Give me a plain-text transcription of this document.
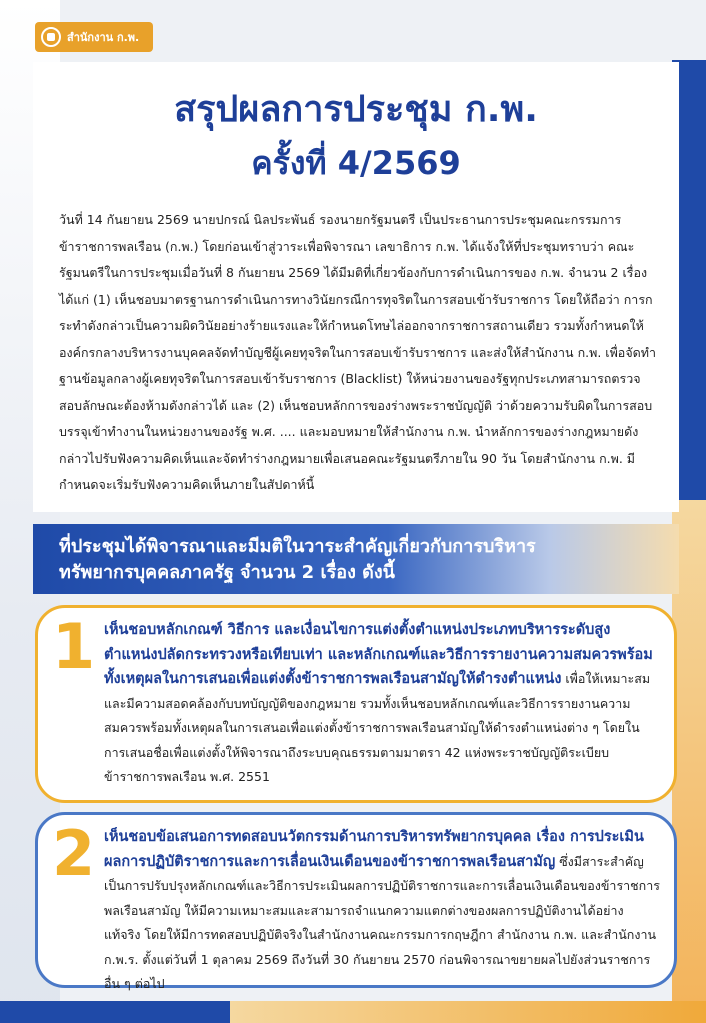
สำนักงาน ก.พ.
สรุปผลการประชุม ก.พ.
ครั้งที่ 4/2569

วันที่ 14 กันยายน 2569 นายปกรณ์ นิลประพันธ์ รองนายกรัฐมนตรี เป็นประธานการประชุมคณะกรรมการข้าราชการพลเรือน (ก.พ.) โดยก่อนเข้าสู่วาระเพื่อพิจารณา เลขาธิการ ก.พ. ได้แจ้งให้ที่ประชุมทราบว่า คณะรัฐมนตรีในการประชุมเมื่อวันที่ 8 กันยายน 2569 ได้มีมติที่เกี่ยวข้องกับการดำเนินการของ ก.พ. จำนวน 2 เรื่อง ได้แก่ (1) เห็นชอบมาตรฐานการดำเนินการทางวินัยกรณีการทุจริตในการสอบเข้ารับราชการ โดยให้ถือว่า การกระทำดังกล่าวเป็นความผิดวินัยอย่างร้ายแรงและให้กำหนดโทษไล่ออกจากราชการสถานเดียว รวมทั้งกำหนดให้องค์กรกลางบริหารงานบุคคลจัดทำบัญชีผู้เคยทุจริตในการสอบเข้ารับราชการ และส่งให้สำนักงาน ก.พ. เพื่อจัดทำฐานข้อมูลกลางผู้เคยทุจริตในการสอบเข้ารับราชการ (Blacklist) ให้หน่วยงานของรัฐทุกประเภทสามารถตรวจสอบลักษณะต้องห้ามดังกล่าวได้ และ (2) เห็นชอบหลักการของร่างพระราชบัญญัติ ว่าด้วยความรับผิดในการสอบบรรจุเข้าทำงานในหน่วยงานของรัฐ พ.ศ. .... และมอบหมายให้สำนักงาน ก.พ. นำหลักการของร่างกฎหมายดังกล่าวไปรับฟังความคิดเห็นและจัดทำร่างกฎหมายเพื่อเสนอคณะรัฐมนตรีภายใน 90 วัน โดยสำนักงาน ก.พ. มีกำหนดจะเริ่มรับฟังความคิดเห็นภายในสัปดาห์นี้

ที่ประชุมได้พิจารณาและมีมติในวาระสำคัญเกี่ยวกับการบริหาร
ทรัพยากรบุคคลภาครัฐ จำนวน 2 เรื่อง ดังนี้
1 เห็นชอบหลักเกณฑ์ วิธีการ และเงื่อนไขการแต่งตั้งตำแหน่งประเภทบริหารระดับสูง ตำแหน่งปลัดกระทรวงหรือเทียบเท่า และหลักเกณฑ์และวิธีการรายงานความสมควรพร้อมทั้งเหตุผลในการเสนอเพื่อแต่งตั้งข้าราชการพลเรือนสามัญให้ดำรงตำแหน่ง เพื่อให้เหมาะสมและมีความสอดคล้องกับบทบัญญัติของกฎหมาย รวมทั้งเห็นชอบหลักเกณฑ์และวิธีการรายงานความสมควรพร้อมทั้งเหตุผลในการเสนอเพื่อแต่งตั้งข้าราชการพลเรือนสามัญให้ดำรงตำแหน่งต่าง ๆ โดยในการเสนอชื่อเพื่อแต่งตั้งให้พิจารณาถึงระบบคุณธรรมตามมาตรา 42 แห่งพระราชบัญญัติระเบียบข้าราชการพลเรือน พ.ศ. 2551

2 เห็นชอบข้อเสนอการทดสอบนวัตกรรมด้านการบริหารทรัพยากรบุคคล เรื่อง การประเมินผลการปฏิบัติราชการและการเลื่อนเงินเดือนของข้าราชการพลเรือนสามัญ ซึ่งมีสาระสำคัญเป็นการปรับปรุงหลักเกณฑ์และวิธีการประเมินผลการปฏิบัติราชการและการเลื่อนเงินเดือนของข้าราชการพลเรือนสามัญ ให้มีความเหมาะสมและสามารถจำแนกความแตกต่างของผลการปฏิบัติงานได้อย่างแท้จริง โดยให้มีการทดสอบปฏิบัติจริงในสำนักงานคณะกรรมการกฤษฎีกา สำนักงาน ก.พ. และสำนักงาน ก.พ.ร. ตั้งแต่วันที่ 1 ตุลาคม 2569 ถึงวันที่ 30 กันยายน 2570 ก่อนพิจารณาขยายผลไปยังส่วนราชการอื่น ๆ ต่อไป
